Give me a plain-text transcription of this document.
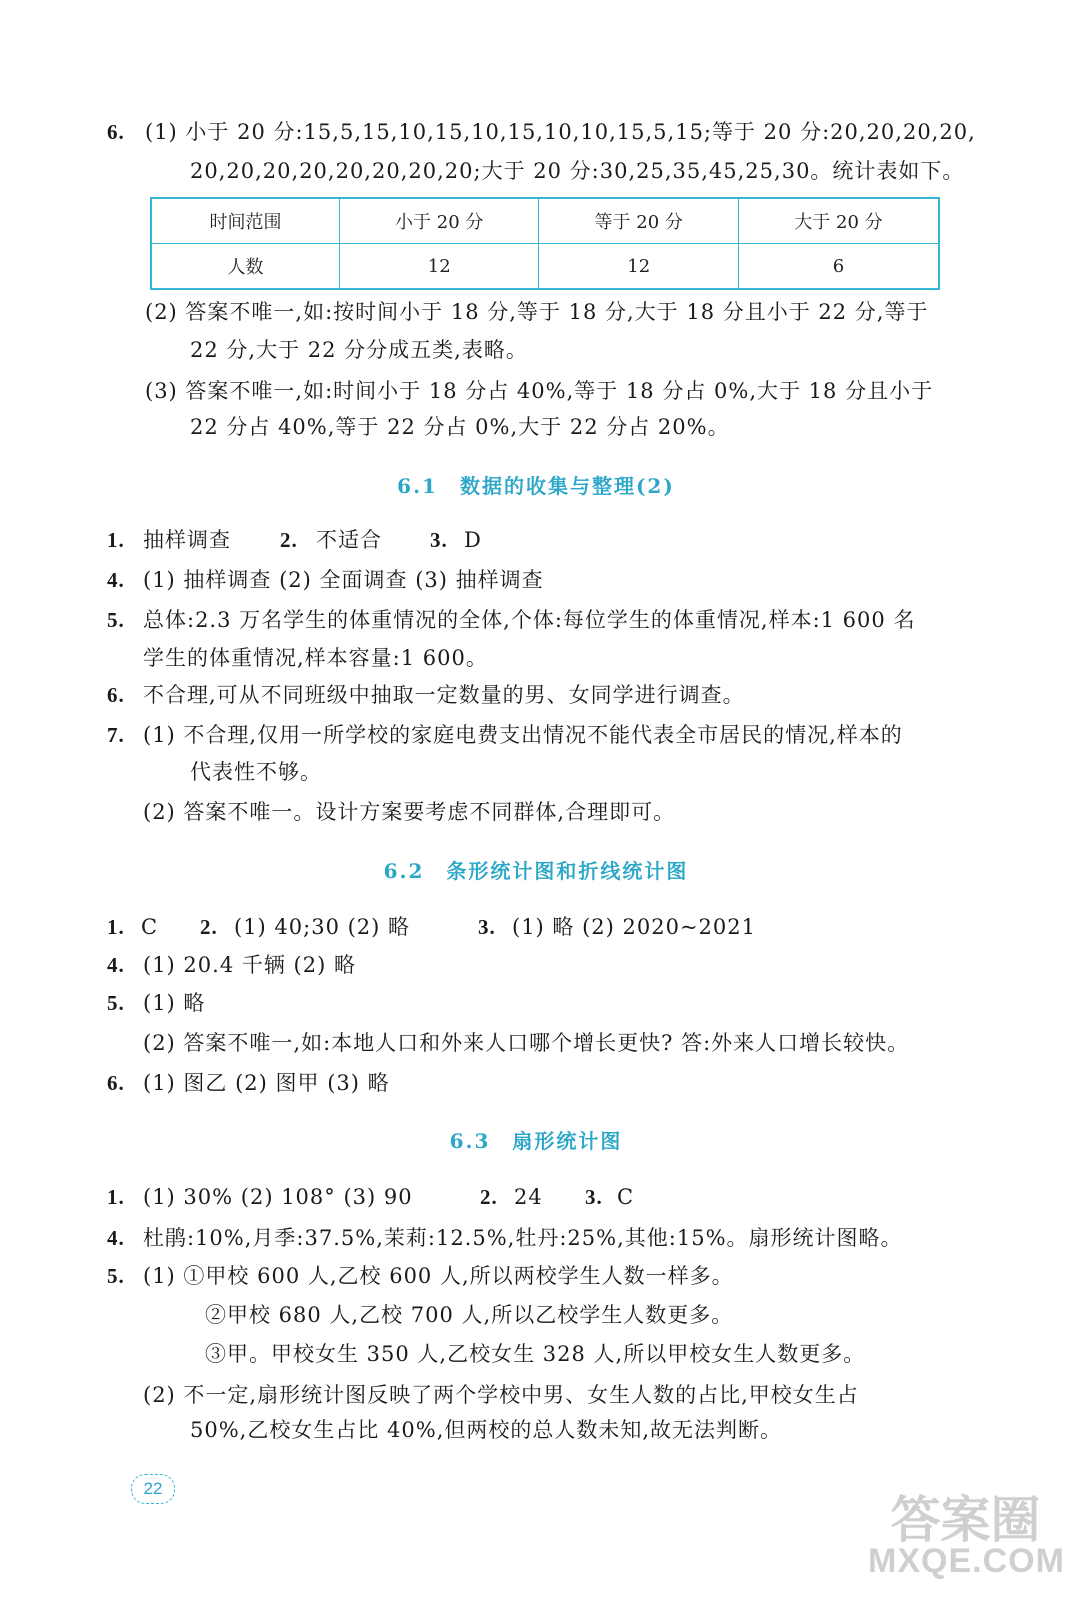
6. (1) 小于 20 分:15,5,15,10,15,10,15,10,10,15,5,15;等于 20 分:20,20,20,20,
20,20,20,20,20,20,20,20;大于 20 分:30,25,35,45,25,30。统计表如下。
时间范围	小于 20 分	等于 20 分	大于 20 分
人数	12	12	6
(2) 答案不唯一,如:按时间小于 18 分,等于 18 分,大于 18 分且小于 22 分,等于
22 分,大于 22 分分成五类,表略。
(3) 答案不唯一,如:时间小于 18 分占 40%,等于 18 分占 0%,大于 18 分且小于
22 分占 40%,等于 22 分占 0%,大于 22 分占 20%。
6.1 数据的收集与整理(2)
1. 抽样调查 2. 不适合 3. D
4. (1) 抽样调查 (2) 全面调查 (3) 抽样调查
5. 总体:2.3 万名学生的体重情况的全体,个体:每位学生的体重情况,样本:1 600 名
学生的体重情况,样本容量:1 600。
6. 不合理,可从不同班级中抽取一定数量的男、女同学进行调查。
7. (1) 不合理,仅用一所学校的家庭电费支出情况不能代表全市居民的情况,样本的
代表性不够。
(2) 答案不唯一。设计方案要考虑不同群体,合理即可。
6.2 条形统计图和折线统计图
1. C 2. (1) 40;30 (2) 略	3. (1) 略 (2) 2020~2021
4. (1) 20.4 千辆 (2) 略
5. (1) 略
(2) 答案不唯一,如:本地人口和外来人口哪个增长更快? 答:外来人口增长较快。
6. (1) 图乙 (2) 图甲 (3) 略
6.3 扇形统计图
1. (1) 30% (2) 108° (3) 90	2. 24 3. C
4. 杜鹃:10%,月季:37.5%,茉莉:12.5%,牡丹:25%,其他:15%。扇形统计图略。
5. (1) ①甲校 600 人,乙校 600 人,所以两校学生人数一样多。
②甲校 680 人,乙校 700 人,所以乙校学生人数更多。
③甲。甲校女生 350 人,乙校女生 328 人,所以甲校女生人数更多。
(2) 不一定,扇形统计图反映了两个学校中男、女生人数的占比,甲校女生占
50%,乙校女生占比 40%,但两校的总人数未知,故无法判断。
22
答案圈
MXQE.COM
